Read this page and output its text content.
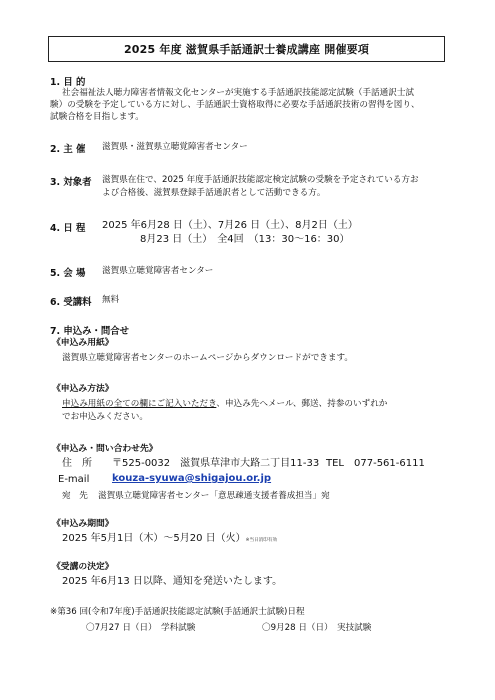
2025 年度 滋賀県手話通訳士養成講座 開催要項
1. 目 的
社会福祉法人聴力障害者情報文化センターが実施する手話通訳技能認定試験（手話通訳士試
験）の受験を予定している方に対し、手話通訳士資格取得に必要な手話通訳技術の習得を図り、
試験合格を目指します。
2. 主 催 滋賀県・滋賀県立聴覚障害者センター
3. 対象者 滋賀県在住で、2025 年度手話通訳技能認定検定試験の受験を予定されている方お
よび合格後、滋賀県登録手話通訳者として活動できる方。
4. 日 程 2025 年6月28 日（土）、7月26 日（土）、8月2日（土）
8月23 日（土）　全4回　（13：30〜16：30）
5. 会 場 滋賀県立聴覚障害者センター
6. 受講料 無料
7. 申込み・問合せ
《申込み用紙》
滋賀県立聴覚障害者センターのホームページからダウンロードができます。
《申込み方法》
申込み用紙の全ての欄にご記入いただき、申込み先へメール、郵送、持参のいずれか
でお申込みください。
《申込み・問い合わせ先》
住　所 〒525-0032　滋賀県草津市大路二丁目11-33 TEL　077-561-6111
E-mail kouza-syuwa@shigajou.or.jp
宛　先 滋賀県立聴覚障害者センター「意思疎通支援者養成担当」宛
《申込み期間》
2025 年5月1日（木）〜5月20 日（火）※当日消印有効
《受講の決定》
2025 年6月13 日以降、通知を発送いたします。
※第36 回(令和7年度)手話通訳技能認定試験(手話通訳士試験)日程
〇7月27 日（日）　学科試験	〇9月28 日（日）　実技試験
